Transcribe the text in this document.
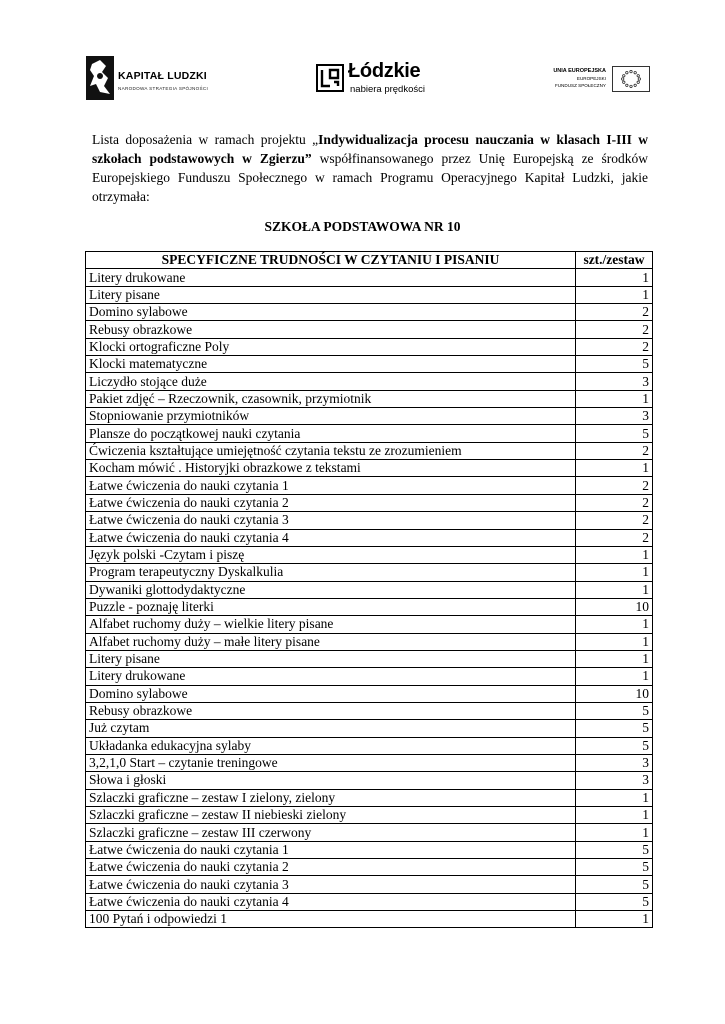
KAPITAŁ LUDZKI
NARODOWA STRATEGIA SPÓJNOŚCI
Łódzkie
nabiera prędkości
UNIA EUROPEJSKA
EUROPEJSKI
FUNDUSZ SPOŁECZNY
Lista doposażenia w ramach projektu „Indywidualizacja procesu nauczania w klasach I-III w szkołach podstawowych w Zgierzu” współfinansowanego przez Unię Europejską ze środków Europejskiego Funduszu Społecznego w ramach Programu Operacyjnego Kapitał Ludzki, jakie otrzymała:
SZKOŁA PODSTAWOWA NR 10
SPECYFICZNE TRUDNOŚCI W CZYTANIU I PISANIU	szt./zestaw
Litery drukowane	1
Litery pisane	1
Domino sylabowe	2
Rebusy obrazkowe	2
Klocki ortograficzne Poly	2
Klocki matematyczne	5
Liczydło stojące duże	3
Pakiet zdjęć – Rzeczownik, czasownik, przymiotnik	1
Stopniowanie przymiotników	3
Plansze do początkowej nauki czytania	5
Ćwiczenia kształtujące umiejętność czytania tekstu ze zrozumieniem	2
Kocham mówić . Historyjki obrazkowe z tekstami	1
Łatwe ćwiczenia do nauki czytania 1	2
Łatwe ćwiczenia do nauki czytania 2	2
Łatwe ćwiczenia do nauki czytania 3	2
Łatwe ćwiczenia do nauki czytania 4	2
Język polski -Czytam i piszę	1
Program terapeutyczny Dyskalkulia	1
Dywaniki glottodydaktyczne	1
Puzzle - poznaję literki	10
Alfabet ruchomy duży – wielkie litery pisane	1
Alfabet ruchomy duży – małe litery pisane	1
Litery pisane	1
Litery drukowane	1
Domino sylabowe	10
Rebusy obrazkowe	5
Już czytam	5
Układanka edukacyjna sylaby	5
3,2,1,0 Start – czytanie treningowe	3
Słowa i głoski	3
Szlaczki graficzne – zestaw I zielony, zielony	1
Szlaczki graficzne – zestaw II niebieski zielony	1
Szlaczki graficzne – zestaw III czerwony	1
Łatwe ćwiczenia do nauki czytania 1	5
Łatwe ćwiczenia do nauki czytania 2	5
Łatwe ćwiczenia do nauki czytania 3	5
Łatwe ćwiczenia do nauki czytania 4	5
100 Pytań i odpowiedzi 1	1
